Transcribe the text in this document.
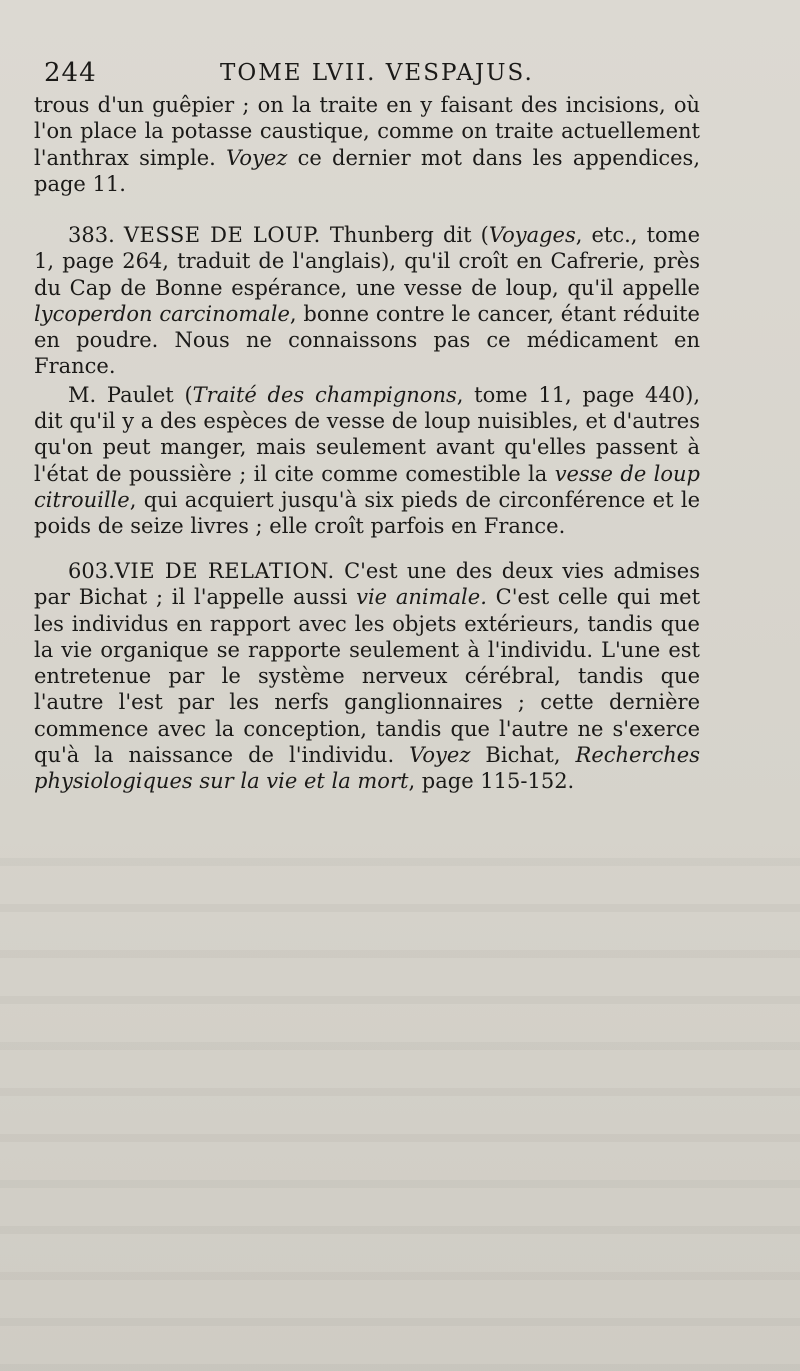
244	TOME LVII. VESPAJUS.

trous d'un guêpier ; on la traite en y faisant des incisions, où l'on place la potasse caustique, comme on traite actuellement l'anthrax simple. Voyez ce dernier mot dans les appendices, page 11.

383. VESSE DE LOUP. Thunberg dit (Voyages, etc., tome 1, page 264, traduit de l'anglais), qu'il croît en Cafrerie, près du Cap de Bonne espérance, une vesse de loup, qu'il appelle lycoperdon carcinomale, bonne contre le cancer, étant réduite en poudre. Nous ne connaissons pas ce médicament en France.

M. Paulet (Traité des champignons, tome 11, page 440), dit qu'il y a des espèces de vesse de loup nuisibles, et d'autres qu'on peut manger, mais seulement avant qu'elles passent à l'état de poussière ; il cite comme comestible la vesse de loup citrouille, qui acquiert jusqu'à six pieds de circonférence et le poids de seize livres ; elle croît parfois en France.

603.VIE DE RELATION. C'est une des deux vies admises par Bichat ; il l'appelle aussi vie animale. C'est celle qui met les individus en rapport avec les objets extérieurs, tandis que la vie organique se rapporte seulement à l'individu. L'une est entretenue par le système nerveux cérébral, tandis que l'autre l'est par les nerfs ganglionnaires ; cette dernière commence avec la conception, tandis que l'autre ne s'exerce qu'à la naissance de l'individu. Voyez Bichat, Recherches physiologiques sur la vie et la mort, page 115-152.
